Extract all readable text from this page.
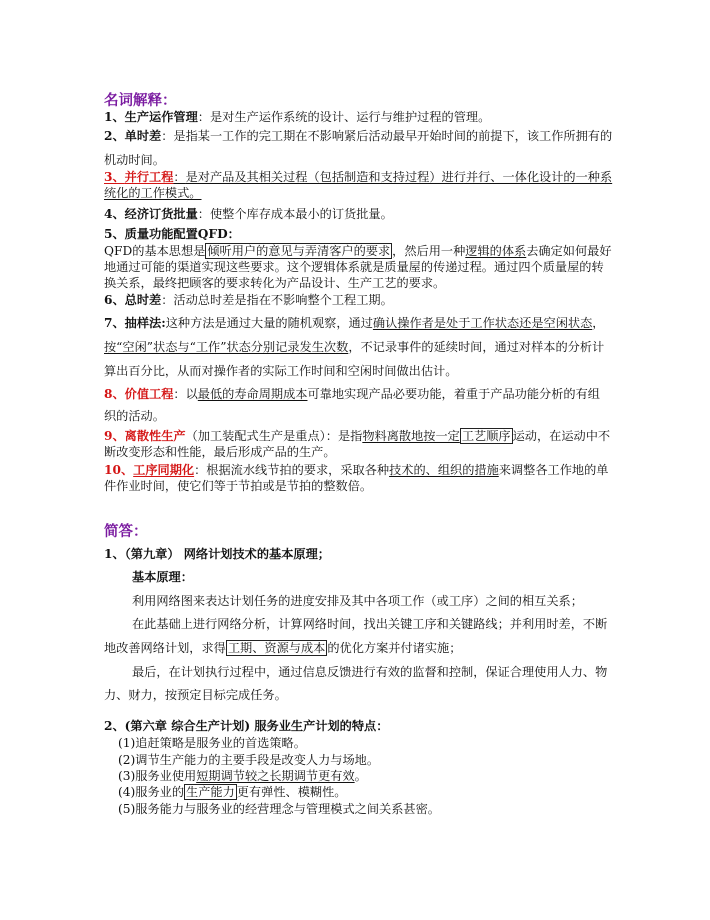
名词解释：
1、生产运作管理：是对生产运作系统的设计、运行与维护过程的管理。
2、单时差：是指某一工作的完工期在不影响紧后活动最早开始时间的前提下，该工作所拥有的
机动时间。
3、并行工程：是对产品及其相关过程（包括制造和支持过程）进行并行、一体化设计的一种系
统化的工作模式。
4、经济订货批量：使整个库存成本最小的订货批量。
5、质量功能配置QFD：
QFD的基本思想是 倾听用户的意见与弄清客户的要求 ，然后用一种逻辑的体系去确定如何最好
地通过可能的渠道实现这些要求。这个逻辑体系就是质量屋的传递过程。通过四个质量屋的转
换关系，最终把顾客的要求转化为产品设计、生产工艺的要求。
6、总时差：活动总时差是指在不影响整个工程工期。
7、抽样法:这种方法是通过大量的随机观察，通过确认操作者是处于工作状态还是空闲状态，
按“空闲”状态与“工作”状态分别记录发生次数，不记录事件的延续时间，通过对样本的分析计
算出百分比，从而对操作者的实际工作时间和空闲时间做出估计。
8、价值工程：以最低的寿命周期成本可靠地实现产品必要功能，着重于产品功能分析的有组
织的活动。
9、离散性生产（加工装配式生产是重点）：是指物料离散地按一定 工艺顺序 运动，在运动中不
断改变形态和性能，最后形成产品的生产。
10、工序同期化：根据流水线节拍的要求，采取各种技术的、组织的措施来调整各工作地的单
件作业时间，使它们等于节拍或是节拍的整数倍。
简答：
1、（第九章） 网络计划技术的基本原理；
基本原理：
利用网络图来表达计划任务的进度安排及其中各项工作（或工序）之间的相互关系；
在此基础上进行网络分析，计算网络时间，找出关键工序和关键路线；并利用时差，不断
地改善网络计划，求得 工期、资源与成本 的优化方案并付诸实施；
最后，在计划执行过程中，通过信息反馈进行有效的监督和控制，保证合理使用人力、物
力、财力，按预定目标完成任务。
2、(第六章 综合生产计划) 服务业生产计划的特点：
(1)追赶策略是服务业的首选策略。
(2)调节生产能力的主要手段是改变人力与场地。
(3)服务业使用短期调节较之长期调节更有效。
(4)服务业的 生产能力 更有弹性、模糊性。
(5)服务能力与服务业的经营理念与管理模式之间关系甚密。
